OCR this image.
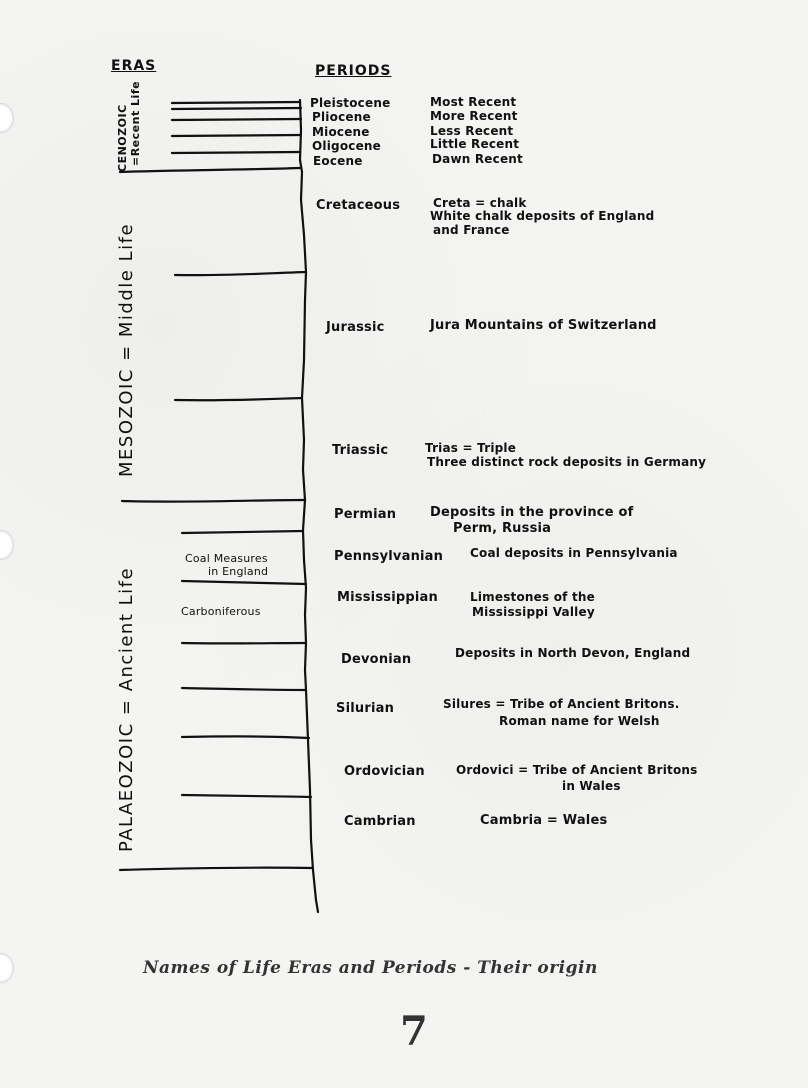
ERAS	PERIODS
CENOZOIC =Recent Life
MESOZOIC = Middle Life
PALAEOZOIC = Ancient Life
Coal Measures
in England
Carboniferous
Pleistocene
Pliocene
Miocene
Oligocene
Eocene
Cretaceous
Jurassic
Triassic
Permian
Pennsylvanian
Mississippian
Devonian
Silurian
Ordovician
Cambrian
Most Recent
More Recent
Less Recent
Little Recent
Dawn Recent
Creta = chalk
White chalk deposits of England
and France
Jura Mountains of Switzerland
Trias = Triple
Three distinct rock deposits in Germany
Deposits in the province of
Perm, Russia
Coal deposits in Pennsylvania
Limestones of the
Mississippi Valley
Deposits in North Devon, England
Silures = Tribe of Ancient Britons.
Roman name for Welsh
Ordovici = Tribe of Ancient Britons
in Wales
Cambria = Wales
Names of Life Eras and Periods - Their origin
7
